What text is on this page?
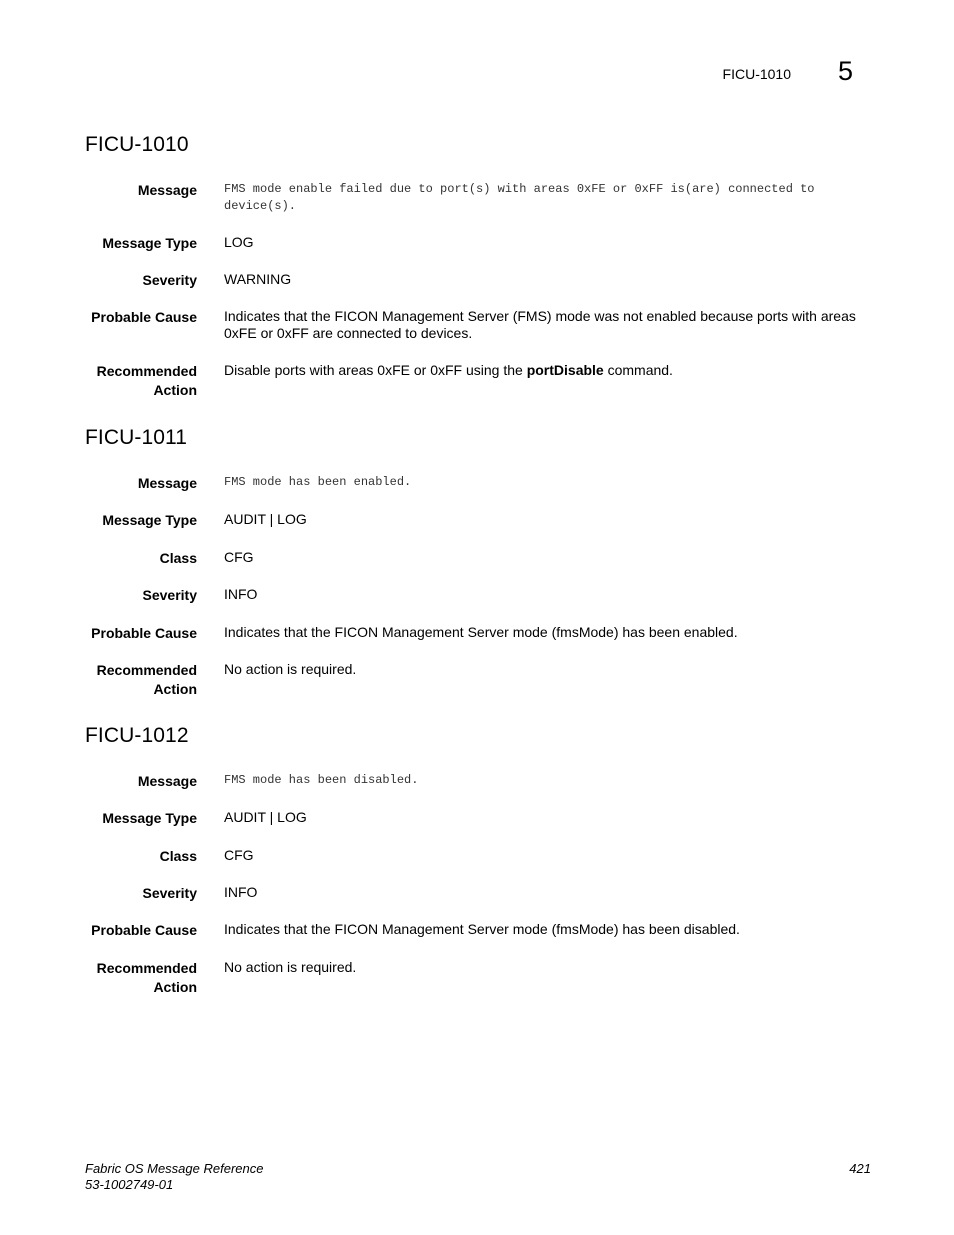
FICU-1010 5
FICU-1010
Message FMS mode enable failed due to port(s) with areas 0xFE or 0xFF is(are) connected to device(s).
Message Type LOG
Severity WARNING
Probable Cause Indicates that the FICON Management Server (FMS) mode was not enabled because ports with areas 0xFE or 0xFF are connected to devices.
Recommended
Action
Disable ports with areas 0xFE or 0xFF using the portDisable command.
FICU-1011
Message FMS mode has been enabled.
Message Type AUDIT | LOG
Class CFG
Severity INFO
Probable Cause Indicates that the FICON Management Server mode (fmsMode) has been enabled.
Recommended
Action
No action is required.
FICU-1012
Message FMS mode has been disabled.
Message Type AUDIT | LOG
Class CFG
Severity INFO
Probable Cause Indicates that the FICON Management Server mode (fmsMode) has been disabled.
Recommended
Action
No action is required.
Fabric OS Message Reference
53-1002749-01
421
